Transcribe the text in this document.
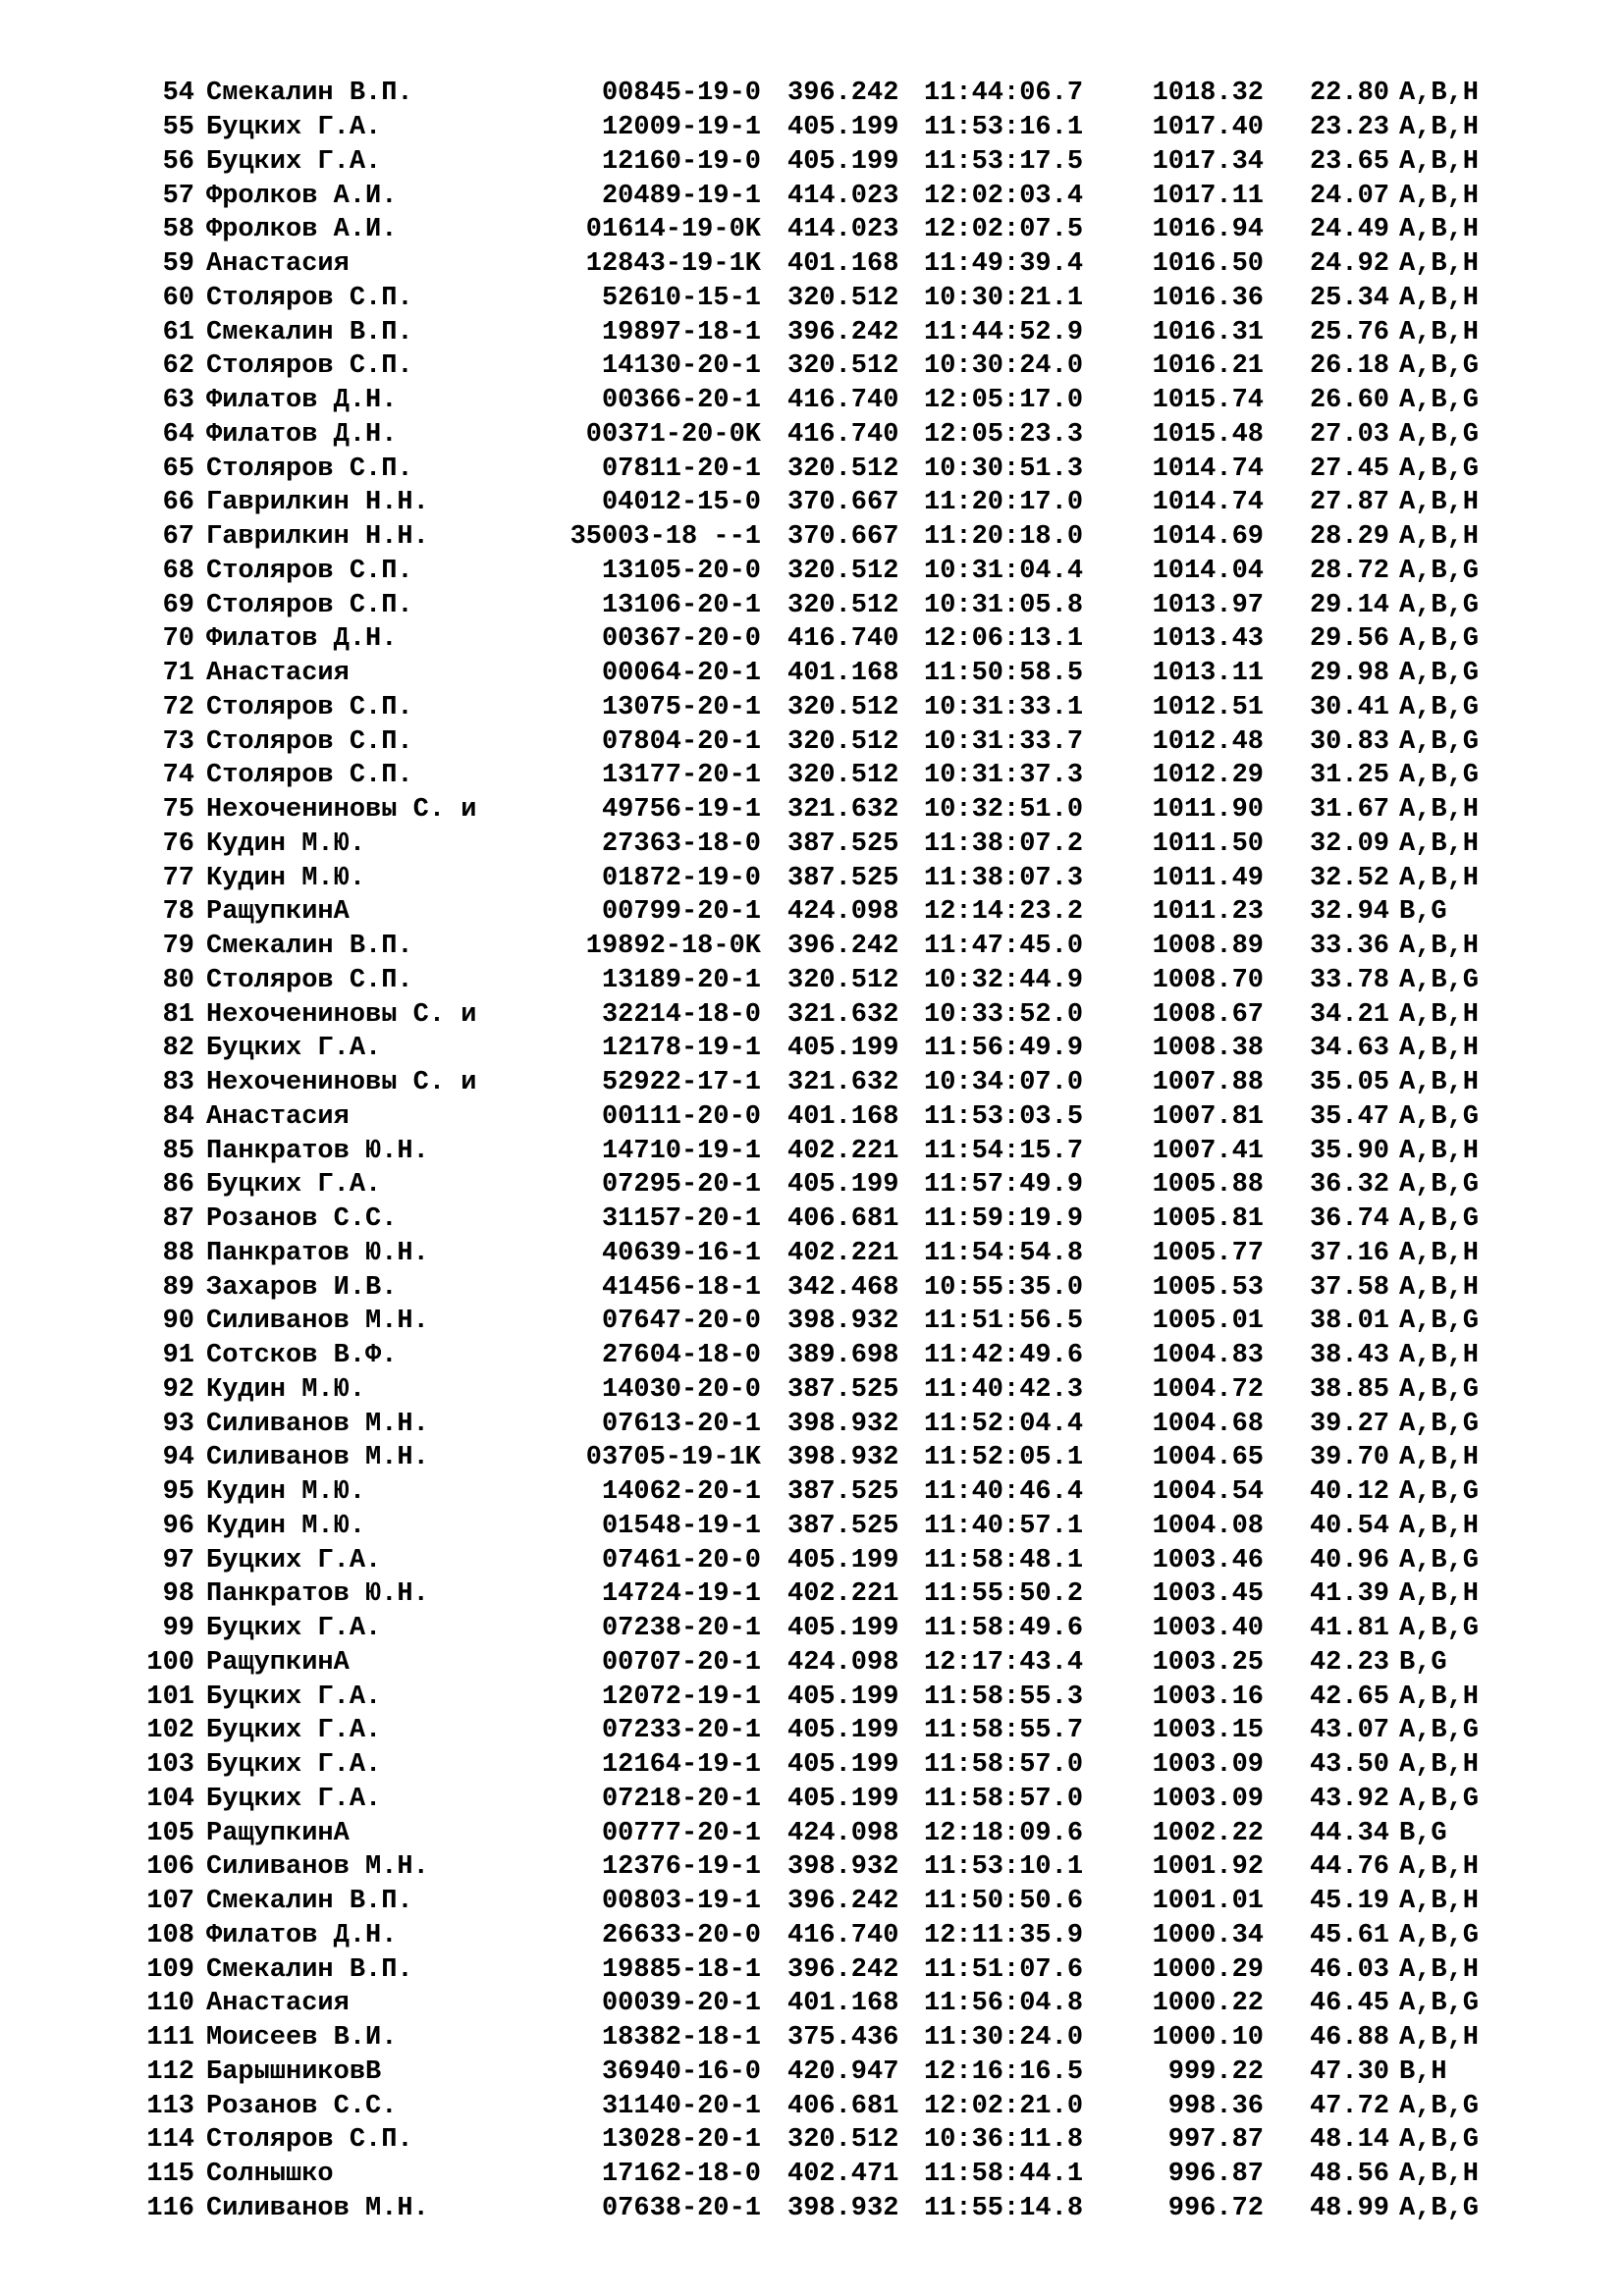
54 Смекалин В.П.	00845-19-0	396.242 11:44:06.7	1018.32	22.80 A,B,H
55 Буцких Г.А.	12009-19-1	405.199 11:53:16.1	1017.40	23.23 A,B,H
56 Буцких Г.А.	12160-19-0	405.199 11:53:17.5	1017.34	23.65 A,B,H
57 Фролков А.И.	20489-19-1	414.023 12:02:03.4	1017.11	24.07 A,B,H
58 Фролков А.И.	01614-19-0K	414.023 12:02:07.5	1016.94	24.49 A,B,H
59 Анастасия	12843-19-1K	401.168 11:49:39.4	1016.50	24.92 A,B,H
60 Столяров С.П.	52610-15-1	320.512 10:30:21.1	1016.36	25.34 A,B,H
61 Смекалин В.П.	19897-18-1	396.242 11:44:52.9	1016.31	25.76 A,B,H
62 Столяров С.П.	14130-20-1	320.512 10:30:24.0	1016.21	26.18 A,B,G
63 Филатов Д.Н.	00366-20-1	416.740 12:05:17.0	1015.74	26.60 A,B,G
64 Филатов Д.Н.	00371-20-0K	416.740 12:05:23.3	1015.48	27.03 A,B,G
65 Столяров С.П.	07811-20-1	320.512 10:30:51.3	1014.74	27.45 A,B,G
66 Гаврилкин Н.Н.	04012-15-0	370.667 11:20:17.0	1014.74	27.87 A,B,H
67 Гаврилкин Н.Н.	35003-18 --1	370.667 11:20:18.0	1014.69	28.29 A,B,H
68 Столяров С.П.	13105-20-0	320.512 10:31:04.4	1014.04	28.72 A,B,G
69 Столяров С.П.	13106-20-1	320.512 10:31:05.8	1013.97	29.14 A,B,G
70 Филатов Д.Н.	00367-20-0	416.740 12:06:13.1	1013.43	29.56 A,B,G
71 Анастасия	00064-20-1	401.168 11:50:58.5	1013.11	29.98 A,B,G
72 Столяров С.П.	13075-20-1	320.512 10:31:33.1	1012.51	30.41 A,B,G
73 Столяров С.П.	07804-20-1	320.512 10:31:33.7	1012.48	30.83 A,B,G
74 Столяров С.П.	13177-20-1	320.512 10:31:37.3	1012.29	31.25 A,B,G
75 Нехочениновы С. и	49756-19-1	321.632 10:32:51.0	1011.90	31.67 A,B,H
76 Кудин М.Ю.	27363-18-0	387.525 11:38:07.2	1011.50	32.09 A,B,H
77 Кудин М.Ю.	01872-19-0	387.525 11:38:07.3	1011.49	32.52 A,B,H
78 РащупкинА	00799-20-1	424.098 12:14:23.2	1011.23	32.94 B,G
79 Смекалин В.П.	19892-18-0K	396.242 11:47:45.0	1008.89	33.36 A,B,H
80 Столяров С.П.	13189-20-1	320.512 10:32:44.9	1008.70	33.78 A,B,G
81 Нехочениновы С. и	32214-18-0	321.632 10:33:52.0	1008.67	34.21 A,B,H
82 Буцких Г.А.	12178-19-1	405.199 11:56:49.9	1008.38	34.63 A,B,H
83 Нехочениновы С. и	52922-17-1	321.632 10:34:07.0	1007.88	35.05 A,B,H
84 Анастасия	00111-20-0	401.168 11:53:03.5	1007.81	35.47 A,B,G
85 Панкратов Ю.Н.	14710-19-1	402.221 11:54:15.7	1007.41	35.90 A,B,H
86 Буцких Г.А.	07295-20-1	405.199 11:57:49.9	1005.88	36.32 A,B,G
87 Розанов С.С.	31157-20-1	406.681 11:59:19.9	1005.81	36.74 A,B,G
88 Панкратов Ю.Н.	40639-16-1	402.221 11:54:54.8	1005.77	37.16 A,B,H
89 Захаров И.В.	41456-18-1	342.468 10:55:35.0	1005.53	37.58 A,B,H
90 Силиванов М.Н.	07647-20-0	398.932 11:51:56.5	1005.01	38.01 A,B,G
91 Сотсков В.Ф.	27604-18-0	389.698 11:42:49.6	1004.83	38.43 A,B,H
92 Кудин М.Ю.	14030-20-0	387.525 11:40:42.3	1004.72	38.85 A,B,G
93 Силиванов М.Н.	07613-20-1	398.932 11:52:04.4	1004.68	39.27 A,B,G
94 Силиванов М.Н.	03705-19-1K	398.932 11:52:05.1	1004.65	39.70 A,B,H
95 Кудин М.Ю.	14062-20-1	387.525 11:40:46.4	1004.54	40.12 A,B,G
96 Кудин М.Ю.	01548-19-1	387.525 11:40:57.1	1004.08	40.54 A,B,H
97 Буцких Г.А.	07461-20-0	405.199 11:58:48.1	1003.46	40.96 A,B,G
98 Панкратов Ю.Н.	14724-19-1	402.221 11:55:50.2	1003.45	41.39 A,B,H
99 Буцких Г.А.	07238-20-1	405.199 11:58:49.6	1003.40	41.81 A,B,G
100 РащупкинА	00707-20-1	424.098 12:17:43.4	1003.25	42.23 B,G
101 Буцких Г.А.	12072-19-1	405.199 11:58:55.3	1003.16	42.65 A,B,H
102 Буцких Г.А.	07233-20-1	405.199 11:58:55.7	1003.15	43.07 A,B,G
103 Буцких Г.А.	12164-19-1	405.199 11:58:57.0	1003.09	43.50 A,B,H
104 Буцких Г.А.	07218-20-1	405.199 11:58:57.0	1003.09	43.92 A,B,G
105 РащупкинА	00777-20-1	424.098 12:18:09.6	1002.22	44.34 B,G
106 Силиванов М.Н.	12376-19-1	398.932 11:53:10.1	1001.92	44.76 A,B,H
107 Смекалин В.П.	00803-19-1	396.242 11:50:50.6	1001.01	45.19 A,B,H
108 Филатов Д.Н.	26633-20-0	416.740 12:11:35.9	1000.34	45.61 A,B,G
109 Смекалин В.П.	19885-18-1	396.242 11:51:07.6	1000.29	46.03 A,B,H
110 Анастасия	00039-20-1	401.168 11:56:04.8	1000.22	46.45 A,B,G
111 Моисеев В.И.	18382-18-1	375.436 11:30:24.0	1000.10	46.88 A,B,H
112 БарышниковВ	36940-16-0	420.947 12:16:16.5	999.22	47.30 B,H
113 Розанов С.С.	31140-20-1	406.681 12:02:21.0	998.36	47.72 A,B,G
114 Столяров С.П.	13028-20-1	320.512 10:36:11.8	997.87	48.14 A,B,G
115 Солнышко	17162-18-0	402.471 11:58:44.1	996.87	48.56 A,B,H
116 Силиванов М.Н.	07638-20-1	398.932 11:55:14.8	996.72	48.99 A,B,G
